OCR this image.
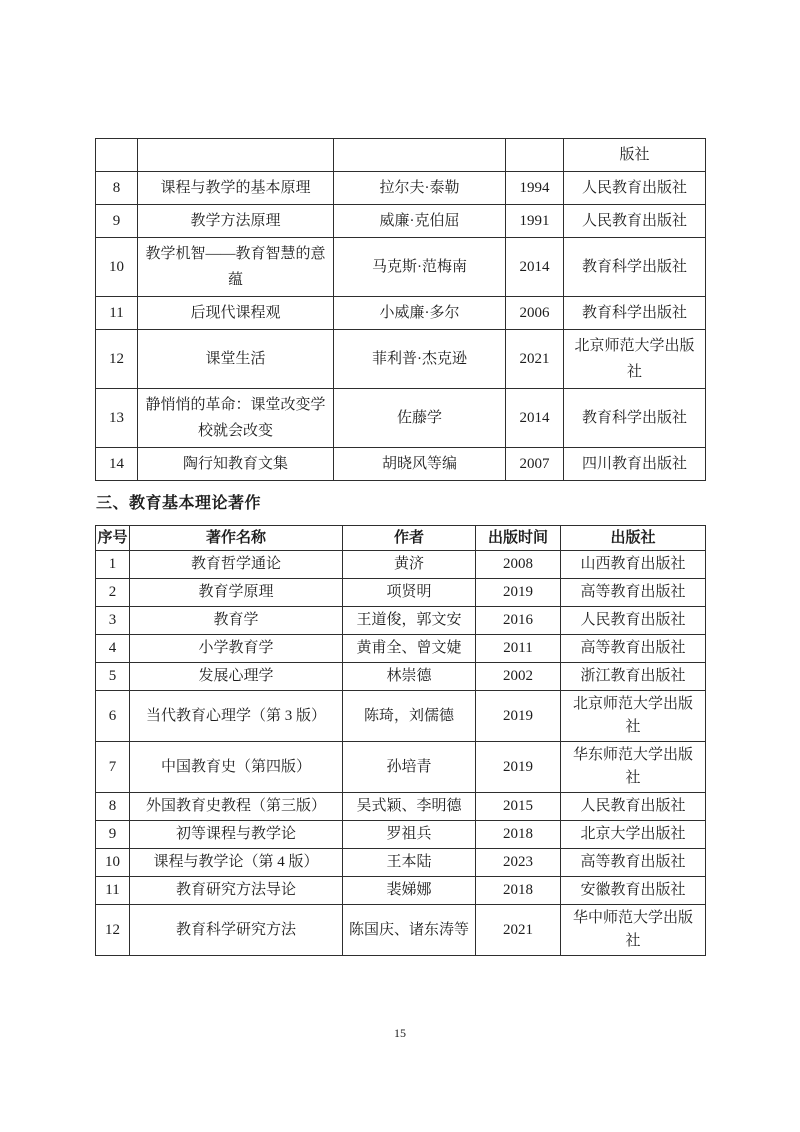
				版社
8	课程与教学的基本原理	拉尔夫·泰勒	1994	人民教育出版社
9	教学方法原理	威廉·克伯屈	1991	人民教育出版社
10	教学机智——教育智慧的意蕴	马克斯·范梅南	2014	教育科学出版社
11	后现代课程观	小威廉·多尔	2006	教育科学出版社
12	课堂生活	菲利普·杰克逊	2021	北京师范大学出版社
13	静悄悄的革命：课堂改变学校就会改变	佐藤学	2014	教育科学出版社
14	陶行知教育文集	胡晓风等编	2007	四川教育出版社
三、教育基本理论著作
序号	著作名称	作者	出版时间	出版社
1	教育哲学通论	黄济	2008	山西教育出版社
2	教育学原理	项贤明	2019	高等教育出版社
3	教育学	王道俊，郭文安	2016	人民教育出版社
4	小学教育学	黄甫全、曾文婕	2011	高等教育出版社
5	发展心理学	林崇德	2002	浙江教育出版社
6	当代教育心理学（第 3 版）	陈琦，刘儒德	2019	北京师范大学出版社
7	中国教育史（第四版）	孙培青	2019	华东师范大学出版社
8	外国教育史教程（第三版）	吴式颖、李明德	2015	人民教育出版社
9	初等课程与教学论	罗祖兵	2018	北京大学出版社
10	课程与教学论（第 4 版）	王本陆	2023	高等教育出版社
11	教育研究方法导论	裴娣娜	2018	安徽教育出版社
12	教育科学研究方法	陈国庆、诸东涛等	2021	华中师范大学出版社
15
